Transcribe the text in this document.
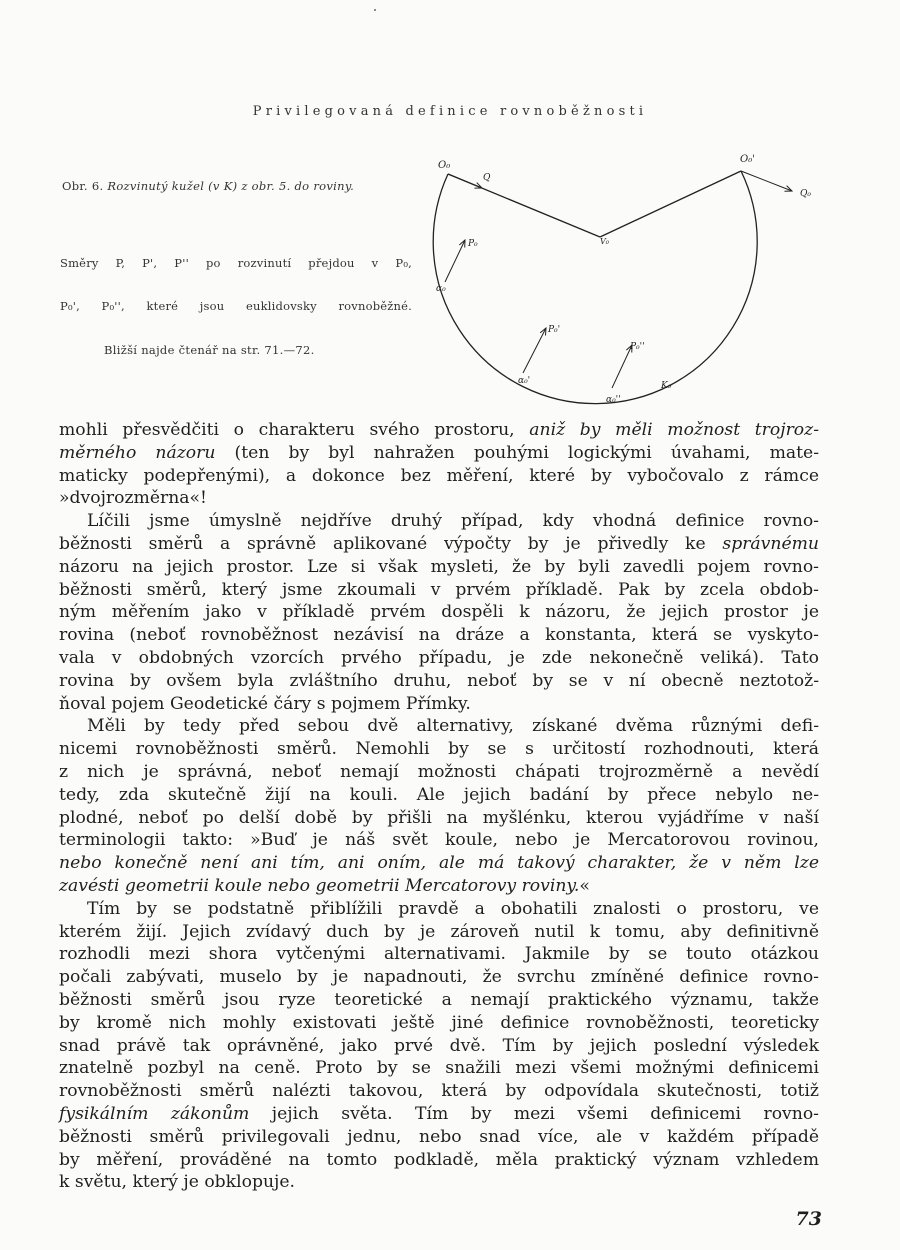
Privilegovaná definice rovnoběžnosti
Obr. 6. Rozvinutý kužel (v K) z obr. 5. do roviny.
Směry P, P', P'' po rozvinutí přejdou v P₀,
P₀', P₀'', které jsou euklidovsky rovnoběžné.
Bližší najde čtenář na str. 71.—72.
O₀
O₀'
Q
Q₀
V₀
P₀
P₀'
P₀''
α₀
α₀'
α₀''
K₀
mohli přesvědčiti o charakteru svého prostoru, aniž by měli možnost trojroz-
měrného názoru (ten by byl nahražen pouhými logickými úvahami, mate-
maticky podepřenými), a dokonce bez měření, které by vybočovalo z rámce
»dvojrozměrna«!
Líčili jsme úmyslně nejdříve druhý případ, kdy vhodná definice rovno-
běžnosti směrů a správně aplikované výpočty by je přivedly ke správnému
názoru na jejich prostor. Lze si však mysleti, že by byli zavedli pojem rovno-
běžnosti směrů, který jsme zkoumali v prvém příkladě. Pak by zcela obdob-
ným měřením jako v příkladě prvém dospěli k názoru, že jejich prostor je
rovina (neboť rovnoběžnost nezávisí na dráze a konstanta, která se vyskyto-
vala v obdobných vzorcích prvého případu, je zde nekonečně veliká). Tato
rovina by ovšem byla zvláštního druhu, neboť by se v ní obecně neztotož-
ňoval pojem Geodetické čáry s pojmem Přímky.
Měli by tedy před sebou dvě alternativy, získané dvěma různými defi-
nicemi rovnoběžnosti směrů. Nemohli by se s určitostí rozhodnouti, která
z nich je správná, neboť nemají možnosti chápati trojrozměrně a nevědí
tedy, zda skutečně žijí na kouli. Ale jejich badání by přece nebylo ne-
plodné, neboť po delší době by přišli na myšlénku, kterou vyjádříme v naší
terminologii takto: »Buď je náš svět koule, nebo je Mercatorovou rovinou,
nebo konečně není ani tím, ani oním, ale má takový charakter, že v něm lze
zavésti geometrii koule nebo geometrii Mercatorovy roviny.«
Tím by se podstatně přiblížili pravdě a obohatili znalosti o prostoru, ve
kterém žijí. Jejich zvídavý duch by je zároveň nutil k tomu, aby definitivně
rozhodli mezi shora vytčenými alternativami. Jakmile by se touto otázkou
počali zabývati, muselo by je napadnouti, že svrchu zmíněné definice rovno-
běžnosti směrů jsou ryze teoretické a nemají praktického významu, takže
by kromě nich mohly existovati ještě jiné definice rovnoběžnosti, teoreticky
snad právě tak oprávněné, jako prvé dvě. Tím by jejich poslední výsledek
znatelně pozbyl na ceně. Proto by se snažili mezi všemi možnými definicemi
rovnoběžnosti směrů nalézti takovou, která by odpovídala skutečnosti, totiž
fysikálním zákonům jejich světa. Tím by mezi všemi definicemi rovno-
běžnosti směrů privilegovali jednu, nebo snad více, ale v každém případě
by měření, prováděné na tomto podkladě, měla praktický význam vzhledem
k světu, který je obklopuje.
73
